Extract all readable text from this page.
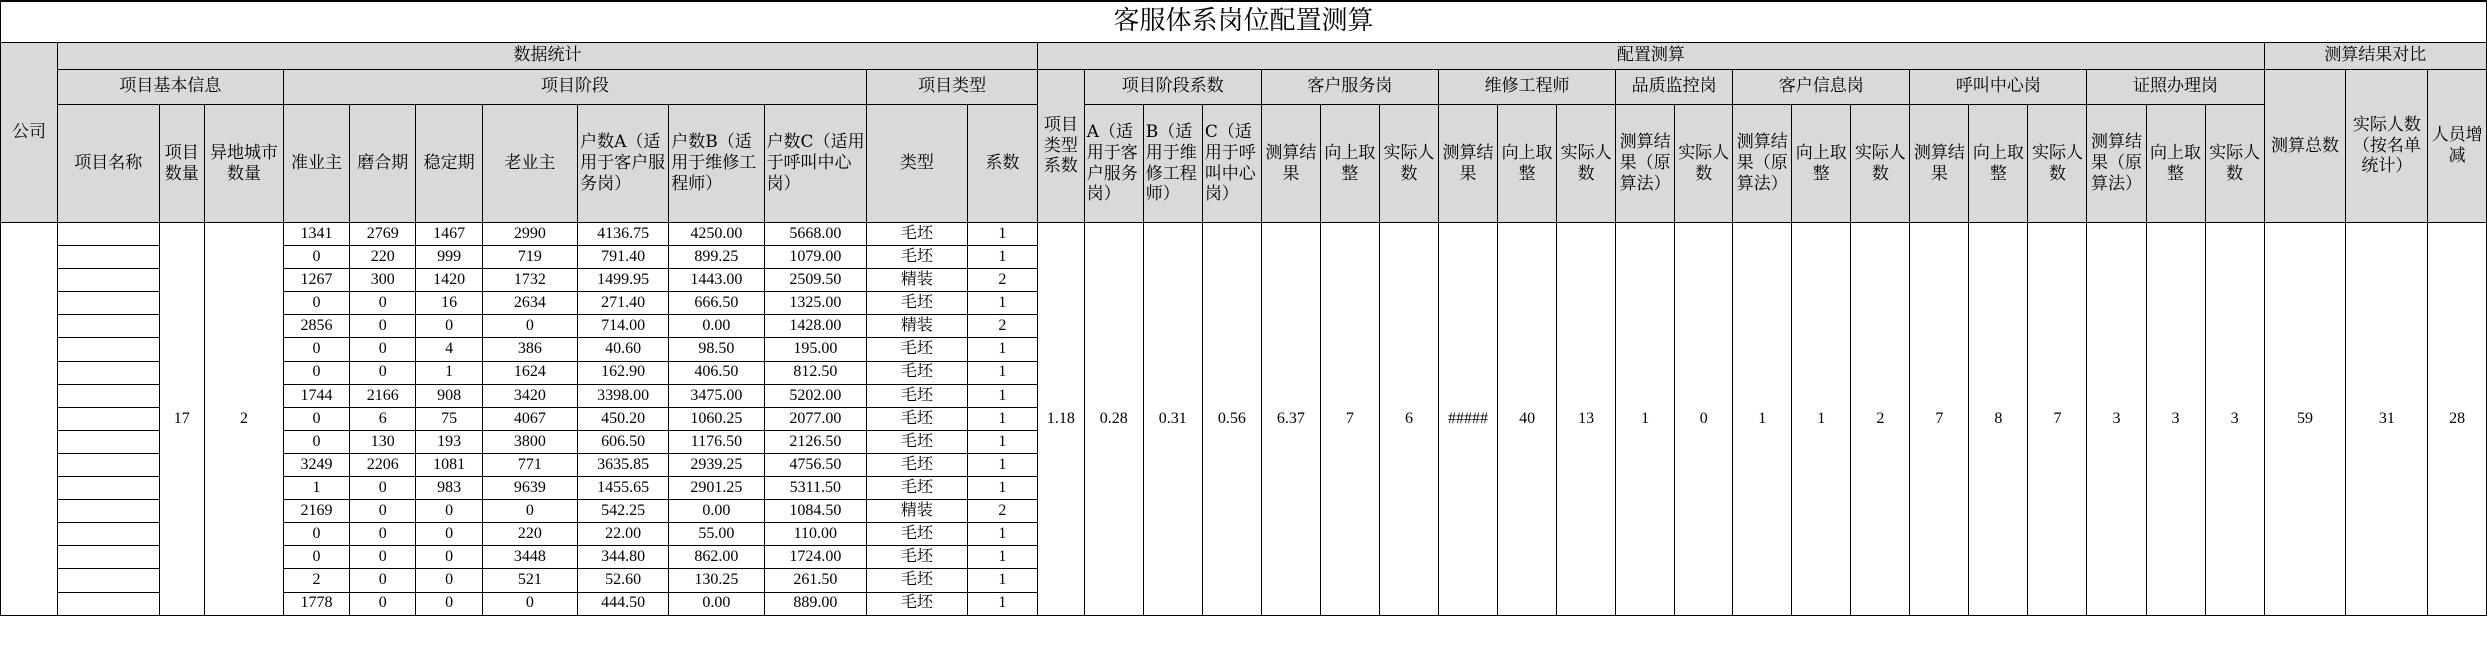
客服体系岗位配置测算																																				
公司	数据统计												配置测算																					测算结果对比		
	项目基本信息			项目阶段							项目类型		项目类型系数	项目阶段系数			客户服务岗			维修工程师			品质监控岗		客户信息岗			呼叫中心岗			证照办理岗			测算总数	实际人数（按名单统计）	人员增减
	项目名称	项目数量	异地城市数量	准业主	磨合期	稳定期	老业主	户数A（适用于客户服务岗）	户数B（适用于维修工程师）	户数C（适用于呼叫中心岗）	类型	系数		A（适用于客户服务岗）	B（适用于维修工程师）	C（适用于呼叫中心岗）	测算结果	向上取整	实际人数	测算结果	向上取整	实际人数	测算结果（原算法）	实际人数	测算结果（原算法）	向上取整	实际人数	测算结果	向上取整	实际人数	测算结果（原算法）	向上取整	实际人数			
		17	2	1341	2769	1467	2990	4136.75	4250.00	5668.00	毛坯	1	1.18	0.28	0.31	0.56	6.37	7	6	#####	40	13	1	0	1	1	2	7	8	7	3	3	3	59	31	28
				0	220	999	719	791.40	899.25	1079.00	毛坯	1																								
				1267	300	1420	1732	1499.95	1443.00	2509.50	精装	2																								
				0	0	16	2634	271.40	666.50	1325.00	毛坯	1																								
				2856	0	0	0	714.00	0.00	1428.00	精装	2																								
				0	0	4	386	40.60	98.50	195.00	毛坯	1																								
				0	0	1	1624	162.90	406.50	812.50	毛坯	1																								
				1744	2166	908	3420	3398.00	3475.00	5202.00	毛坯	1																								
				0	6	75	4067	450.20	1060.25	2077.00	毛坯	1																								
				0	130	193	3800	606.50	1176.50	2126.50	毛坯	1																								
				3249	2206	1081	771	3635.85	2939.25	4756.50	毛坯	1																								
				1	0	983	9639	1455.65	2901.25	5311.50	毛坯	1																								
				2169	0	0	0	542.25	0.00	1084.50	精装	2																								
				0	0	0	220	22.00	55.00	110.00	毛坯	1																								
				0	0	0	3448	344.80	862.00	1724.00	毛坯	1																								
				2	0	0	521	52.60	130.25	261.50	毛坯	1																								
				1778	0	0	0	444.50	0.00	889.00	毛坯	1																								
